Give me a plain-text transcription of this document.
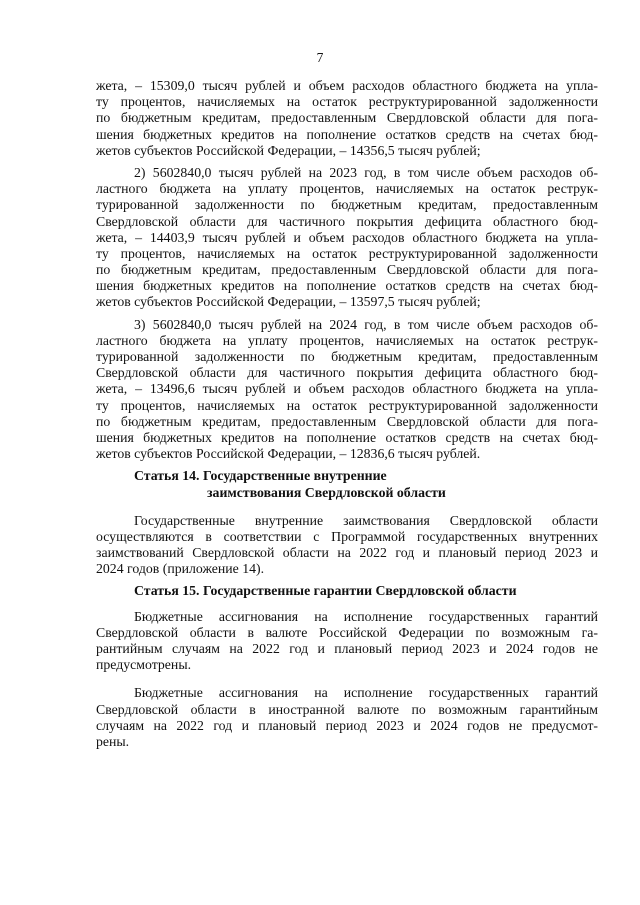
7
жета, – 15309,0 тысяч рублей и объем расходов областного бюджета на упла-
ту процентов, начисляемых на остаток реструктурированной задолженности
по бюджетным кредитам, предоставленным Свердловской области для пога-
шения бюджетных кредитов на пополнение остатков средств на счетах бюд-
жетов субъектов Российской Федерации, – 14356,5 тысяч рублей;
2) 5602840,0 тысяч рублей на 2023 год, в том числе объем расходов об-
ластного бюджета на уплату процентов, начисляемых на остаток реструк-
турированной задолженности по бюджетным кредитам, предоставленным
Свердловской области для частичного покрытия дефицита областного бюд-
жета, – 14403,9 тысяч рублей и объем расходов областного бюджета на упла-
ту процентов, начисляемых на остаток реструктурированной задолженности
по бюджетным кредитам, предоставленным Свердловской области для пога-
шения бюджетных кредитов на пополнение остатков средств на счетах бюд-
жетов субъектов Российской Федерации, – 13597,5 тысяч рублей;
3) 5602840,0 тысяч рублей на 2024 год, в том числе объем расходов об-
ластного бюджета на уплату процентов, начисляемых на остаток реструк-
турированной задолженности по бюджетным кредитам, предоставленным
Свердловской области для частичного покрытия дефицита областного бюд-
жета, – 13496,6 тысяч рублей и объем расходов областного бюджета на упла-
ту процентов, начисляемых на остаток реструктурированной задолженности
по бюджетным кредитам, предоставленным Свердловской области для пога-
шения бюджетных кредитов на пополнение остатков средств на счетах бюд-
жетов субъектов Российской Федерации, – 12836,6 тысяч рублей.
Статья 14. Государственные внутренние
заимствования Свердловской области
Государственные внутренние заимствования Свердловской области
осуществляются в соответствии с Программой государственных внутренних
заимствований Свердловской области на 2022 год и плановый период 2023 и
2024 годов (приложение 14).
Статья 15. Государственные гарантии Свердловской области
Бюджетные ассигнования на исполнение государственных гарантий
Свердловской области в валюте Российской Федерации по возможным га-
рантийным случаям на 2022 год и плановый период 2023 и 2024 годов не
предусмотрены.
Бюджетные ассигнования на исполнение государственных гарантий
Свердловской области в иностранной валюте по возможным гарантийным
случаям на 2022 год и плановый период 2023 и 2024 годов не предусмот-
рены.
